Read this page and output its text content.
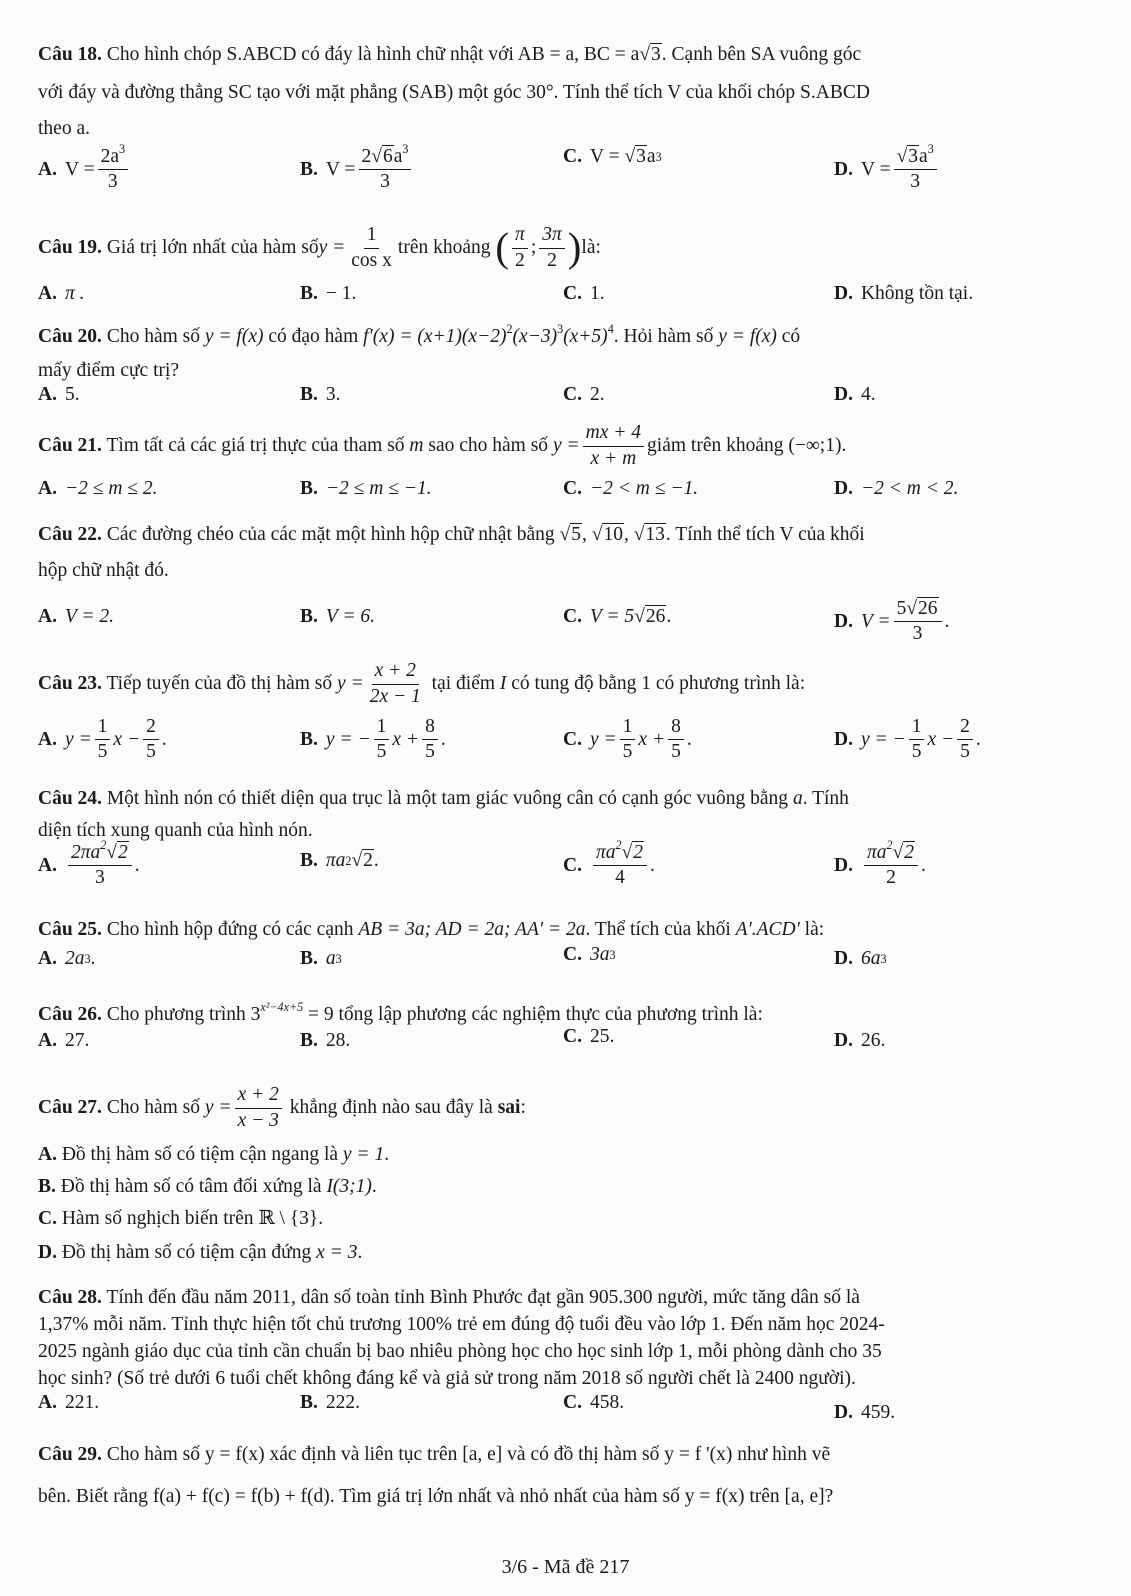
Câu 18. Cho hình chóp S.ABCD có đáy là hình chữ nhật với AB = a, BC = a√3. Cạnh bên SA vuông góc
với đáy và đường thẳng SC tạo với mặt phẳng (SAB) một góc 30°. Tính thể tích V của khối chóp S.ABCD
theo a.
A. $V = \frac{2a^3}{3}$	B. $V = \frac{2√6a^3}{3}$	C. V =
√3 a 3
D. $V = \frac{√3a^3}{3}$
Câu 19.
Giá trị lớn nhất của hàm số $y = \frac{1}{\text{cos x}}$ trên khoảng
( $\frac{\pi}{2}$ ; $\frac{3\pi}{2}$ ) là:
A. π .	B. − 1.	C. 1.	D. Không tồn tại.
Câu 20. Cho hàm số y = f(x) có đạo hàm $f'(x) = (x+1)(x-2)^2(x-3)^3(x+5)^4$. Hỏi hàm số y = f(x) có
mấy điểm cực trị?
A. 5.	B. 3.	C. 2.	D. 4.
Câu 21. Tìm tất cả các giá trị thực của tham số m sao cho hàm số $y = \frac{mx + 4}{x + m}$ giảm trên khoảng (−∞;1).
A. −2 ≤ m ≤ 2.	B. −2 ≤ m ≤ −1.	C. −2 < m ≤ −1.	D. −2 < m < 2.
Câu 22. Các đường chéo của các mặt một hình hộp chữ nhật bằng √5, √10, √13. Tính thể tích V của khối
hộp chữ nhật đó.
A. V = 2.	B. V = 6.	C. V = 5 √26 .	D. $V = \frac{5√26}{3}$ .
Câu 23. Tiếp tuyến của đồ thị hàm số $y = \frac{x + 2}{2x - 1}$ tại điểm I có tung độ bằng 1 có phương trình là:
A. $y = \frac{1}{5}$ $x - \frac{2}{5}$ .	B. y = − $\frac{1}{5}$ $x + \frac{8}{5}$ .	C. $y = \frac{1}{5}$ $x + \frac{8}{5}$ .	D. y = − $\frac{1}{5}$ $x - \frac{2}{5}$ .
Câu 24. Một hình nón có thiết diện qua trục là một tam giác vuông cân có cạnh góc vuông bằng a. Tính
diện tích xung quanh của hình nón.
A. $\frac{2\pi a^2√2}{3}$ .	B. πa 2 √2 .	C. $\frac{\pi a^2√2}{4}$ .	D. $\frac{\pi a^2√2}{2}$ .
Câu 25. Cho hình hộp đứng có các cạnh AB = 3a; AD = 2a; AA' = 2a. Thể tích của khối A'.ACD' là:
A. 2a 3 .	B. a 3	C. 3a 3	D. 6a 3
Câu 26. Cho phương trình $3^{x^2-4x+5} = 9$ tổng lập phương các nghiệm thực của phương trình là:
A. 27.	B. 28.	C. 25.	D. 26.
Câu 27. Cho hàm số $y = \frac{x + 2}{x - 3}$ khẳng định nào sau đây là sai :
A. Đồ thị hàm số có tiệm cận ngang là y = 1.
B. Đồ thị hàm số có tâm đối xứng là I(3;1).
C. Hàm số nghịch biến trên ℝ \ {3}.
D. Đồ thị hàm số có tiệm cận đứng x = 3.
Câu 28. Tính đến đầu năm 2011, dân số toàn tỉnh Bình Phước đạt gần 905.300 người, mức tăng dân số là
1,37% mỗi năm. Tỉnh thực hiện tốt chủ trương 100% trẻ em đúng độ tuổi đều vào lớp 1. Đến năm học 2024-
2025 ngành giáo dục của tỉnh cần chuẩn bị bao nhiêu phòng học cho học sinh lớp 1, mỗi phòng dành cho 35
học sinh? (Số trẻ dưới 6 tuổi chết không đáng kể và giả sử trong năm 2018 số người chết là 2400 người).
A. 221.	B. 222.	C. 458.	D. 459.
Câu 29. Cho hàm số y = f(x) xác định và liên tục trên [a, e] và có đồ thị hàm số y = f '(x) như hình vẽ
bên. Biết rằng f(a) + f(c) = f(b) + f(d). Tìm giá trị lớn nhất và nhỏ nhất của hàm số y = f(x) trên [a, e]?
3/6 - Mã đề 217
